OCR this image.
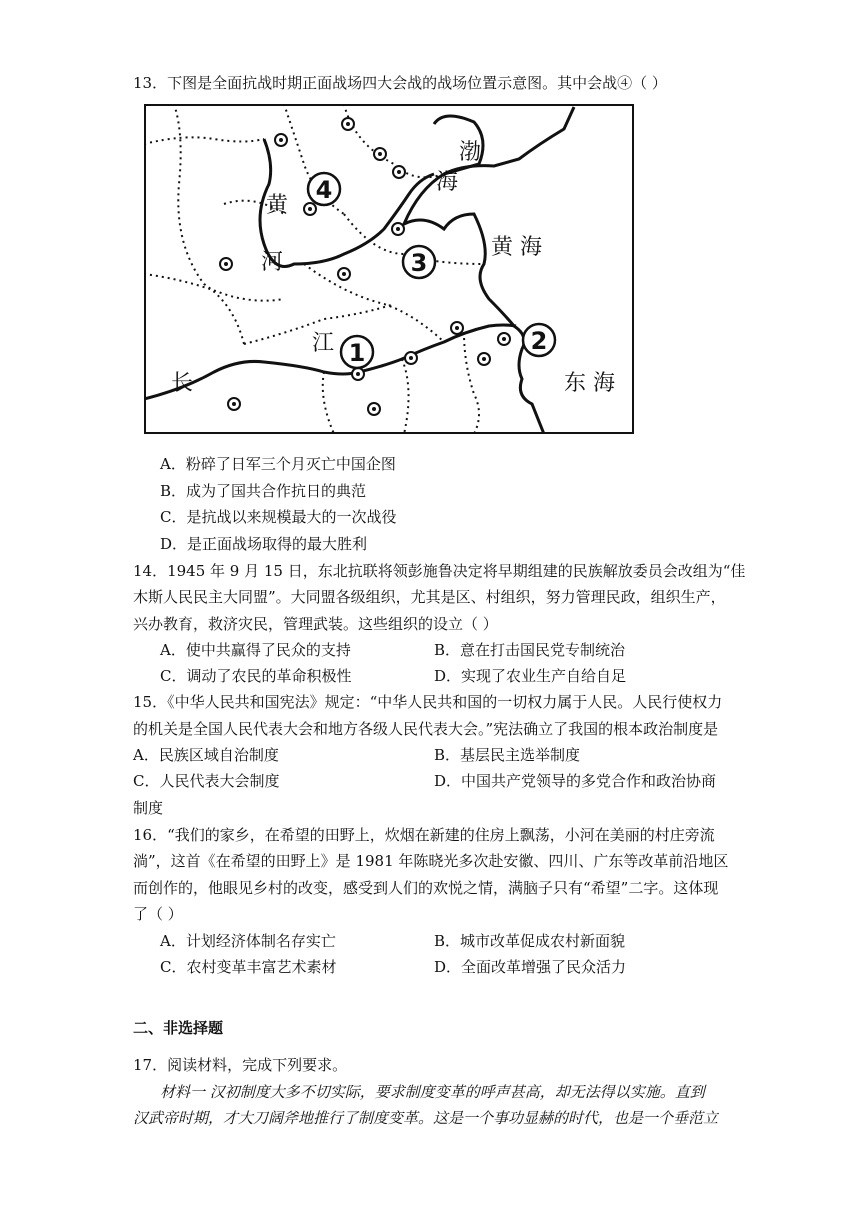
13．下图是全面抗战时期正面战场四大会战的战场位置示意图。其中会战④（ ）
4
3
2
1
渤
海
黄
河
黄 海
长
江
东 海
A．粉碎了日军三个月灭亡中国企图
B．成为了国共合作抗日的典范
C．是抗战以来规模最大的一次战役
D．是正面战场取得的最大胜利
14．1945 年 9 月 15 日，东北抗联将领彭施鲁决定将早期组建的民族解放委员会改组为“佳
木斯人民民主大同盟”。大同盟各级组织，尤其是区、村组织，努力管理民政，组织生产，
兴办教育，救济灾民，管理武装。这些组织的设立（ ）
A．使中共赢得了民众的支持	B．意在打击国民党专制统治
C．调动了农民的革命积极性	D．实现了农业生产自给自足
15．《中华人民共和国宪法》规定：“中华人民共和国的一切权力属于人民。人民行使权力
的机关是全国人民代表大会和地方各级人民代表大会。”宪法确立了我国的根本政治制度是
A．民族区域自治制度	B．基层民主选举制度
C．人民代表大会制度	D．中国共产党领导的多党合作和政治协商
制度
16．“我们的家乡，在希望的田野上，炊烟在新建的住房上飘荡，小河在美丽的村庄旁流
淌”，这首《在希望的田野上》是 1981 年陈晓光多次赴安徽、四川、广东等改革前沿地区
而创作的，他眼见乡村的改变，感受到人们的欢悦之情，满脑子只有“希望”二字。这体现
了（ ）
A．计划经济体制名存实亡	B．城市改革促成农村新面貌
C．农村变革丰富艺术素材	D．全面改革增强了民众活力
二、非选择题
17．阅读材料，完成下列要求。
材料一 汉初制度大多不切实际，要求制度变革的呼声甚高，却无法得以实施。直到
汉武帝时期，才大刀阔斧地推行了制度变革。这是一个事功显赫的时代，也是一个垂范立
